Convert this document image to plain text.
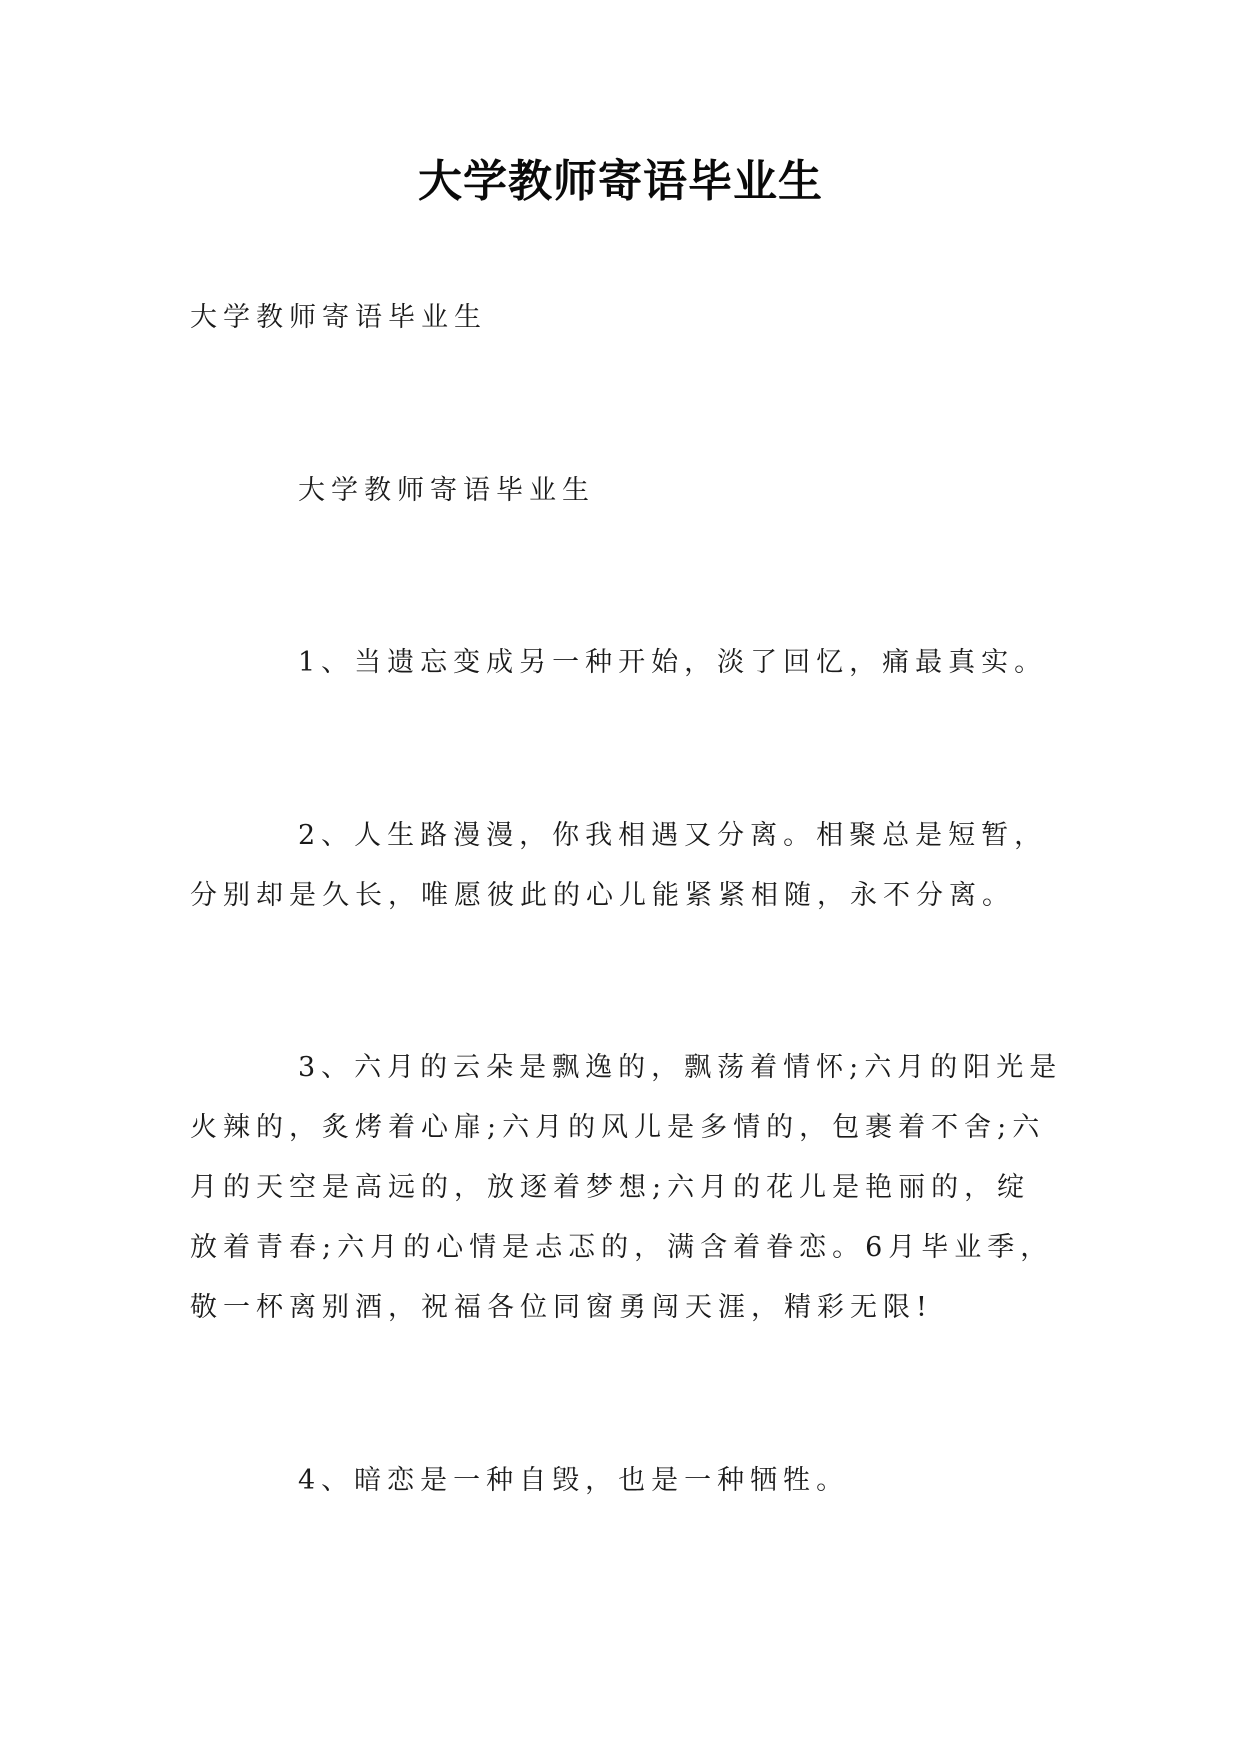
大学教师寄语毕业生
大学教师寄语毕业生
大学教师寄语毕业生
1、当遗忘变成另一种开始，淡了回忆，痛最真实。
2、人生路漫漫，你我相遇又分离。相聚总是短暂，
分别却是久长，唯愿彼此的心儿能紧紧相随，永不分离。
3、六月的云朵是飘逸的，飘荡着情怀;六月的阳光是
火辣的，炙烤着心扉;六月的风儿是多情的，包裹着不舍;六
月的天空是高远的，放逐着梦想;六月的花儿是艳丽的，绽
放着青春;六月的心情是忐忑的，满含着眷恋。6月毕业季，
敬一杯离别酒，祝福各位同窗勇闯天涯，精彩无限!
4、暗恋是一种自毁，也是一种牺牲。
